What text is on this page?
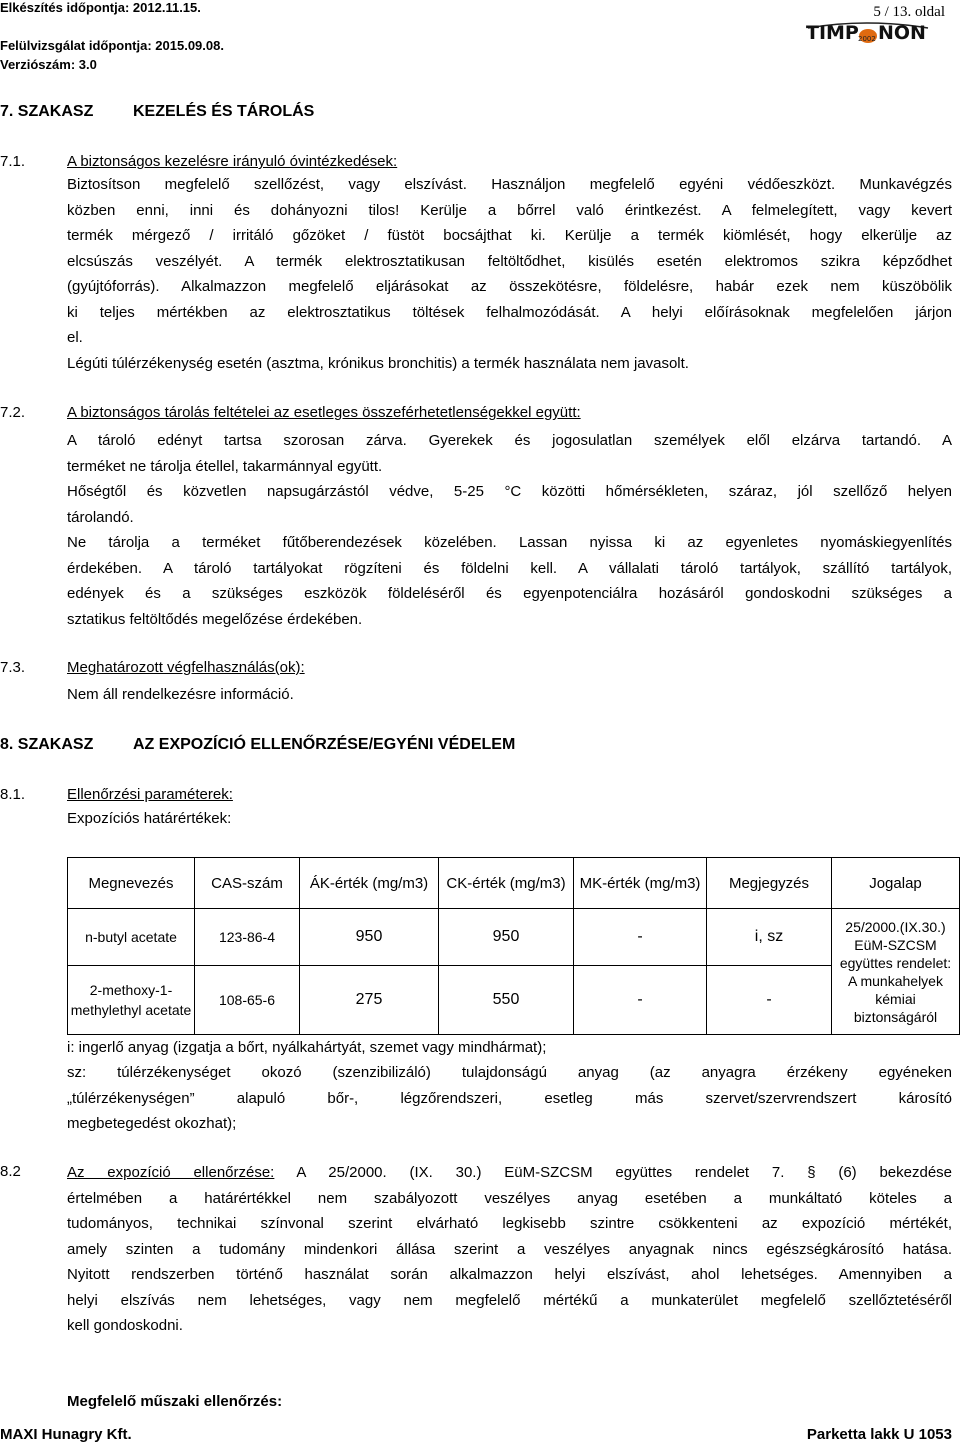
Elkészítés időpontja: 2012.11.15.
Felülvizsgálat időpontja: 2015.09.08.
Verziószám: 3.0
5 / 13. oldal
TIMP NON
2002
7. SZAKASZ KEZELÉS ÉS TÁROLÁS
7.1.	A biztonságos kezelésre irányuló óvintézkedések:
Biztosítson megfelelő szellőzést, vagy elszívást. Használjon megfelelő egyéni védőeszközt. Munkavégzés
közben enni, inni és dohányozni tilos! Kerülje a bőrrel való érintkezést. A felmelegített, vagy kevert
termék mérgező / irritáló gőzöket / füstöt bocsájthat ki. Kerülje a termék kiömlését, hogy elkerülje az
elcsúszás veszélyét. A termék elektrosztatikusan feltöltődhet, kisülés esetén elektromos szikra képződhet
(gyújtóforrás). Alkalmazzon megfelelő eljárásokat az összekötésre, földelésre, habár ezek nem küszöbölik
ki teljes mértékben az elektrosztatikus töltések felhalmozódását. A helyi előírásoknak megfelelően járjon
el.
Légúti túlérzékenység esetén (asztma, krónikus bronchitis) a termék használata nem javasolt.
7.2.	A biztonságos tárolás feltételei az esetleges összeférhetetlenségekkel együtt:
A tároló edényt tartsa szorosan zárva. Gyerekek és jogosulatlan személyek elől elzárva tartandó. A
terméket ne tárolja étellel, takarmánnyal együtt.
Hőségtől és közvetlen napsugárzástól védve, 5-25 °C közötti hőmérsékleten, száraz, jól szellőző helyen
tárolandó.
Ne tárolja a terméket fűtőberendezések közelében. Lassan nyissa ki az egyenletes nyomáskiegyenlítés
érdekében. A tároló tartályokat rögzíteni és földelni kell. A vállalati tároló tartályok, szállító tartályok,
edények és a szükséges eszközök földeléséről és egyenpotenciálra hozásáról gondoskodni szükséges a
sztatikus feltöltődés megelőzése érdekében.
7.3.	Meghatározott végfelhasználás(ok):
Nem áll rendelkezésre információ.
8. SZAKASZ AZ EXPOZÍCIÓ ELLENŐRZÉSE/EGYÉNI VÉDELEM
8.1.	Ellenőrzési paraméterek:
Expozíciós határértékek:
Megnevezés	CAS-szám	ÁK-érték (mg/m3)	CK-érték (mg/m3)	MK-érték (mg/m3)	Megjegyzés	Jogalap
n-butyl acetate	123-86-4	950	950	-	i, sz	25/2000.(IX.30.) EüM-SZCSM együttes rendelet: A munkahelyek kémiai biztonságáról
2-methoxy-1-methylethyl acetate	108-65-6	275	550	-	-	
i: ingerlő anyag (izgatja a bőrt, nyálkahártyát, szemet vagy mindhármat);
sz: túlérzékenységet okozó (szenzibilizáló) tulajdonságú anyag (az anyagra érzékeny egyéneken
„túlérzékenységen” alapuló bőr-, légzőrendszeri, esetleg más szervet/szervrendszert károsító
megbetegedést okozhat);
8.2	Az expozíció ellenőrzése: A 25/2000. (IX. 30.) EüM-SZCSM együttes rendelet 7. § (6) bekezdése
értelmében a határértékkel nem szabályozott veszélyes anyag esetében a munkáltató köteles a
tudományos, technikai színvonal szerint elvárható legkisebb szintre csökkenteni az expozíció mértékét,
amely szinten a tudomány mindenkori állása szerint a veszélyes anyagnak nincs egészségkárosító hatása.
Nyitott rendszerben történő használat során alkalmazzon helyi elszívást, ahol lehetséges. Amennyiben a
helyi elszívás nem lehetséges, vagy nem megfelelő mértékű a munkaterület megfelelő szellőztetéséről
kell gondoskodni.
Megfelelő műszaki ellenőrzés:
MAXI Hunagry Kft.	Parketta lakk U 1053
